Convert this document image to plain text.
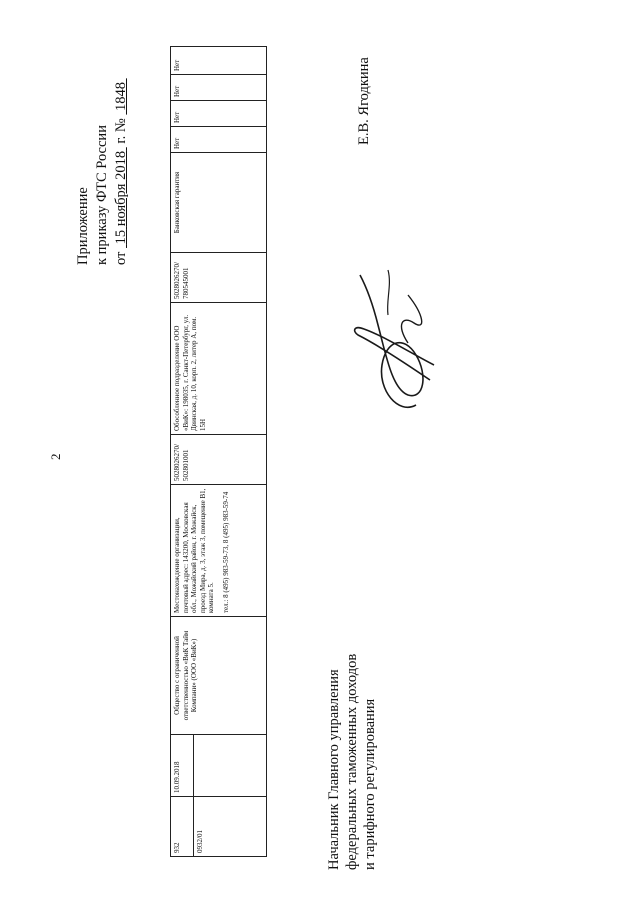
2
Приложение к приказу ФТС России от  15 ноября 2018  г. №  1848
932	10.09.2018	Общество с ограниченной ответственностью «ВиК Тайм Компани» (ООО «ВиК»)	Местонахождение организации, почтовый адрес: 143200, Московская обл., Можайский район, г. Можайск, проезд Мира, д. 3, этаж 3, помещение В1, комната 5. тел.: 8 (495) 983-59-73, 8 (495) 983-59-74	5028026270/ 502801001	Обособленное подразделение ООО «ВиК»: 198035, г. Санкт-Петербург, ул. Двинская, д. 10, корп. 2, литер А, пом. 15Н	5028026270/ 780545001	Банковская гарантия	Нет	Нет	Нет	Нет
0932/01											
Е.В. Ягодкина
Начальник Главного управления федеральных таможенных доходов и тарифного регулирования
